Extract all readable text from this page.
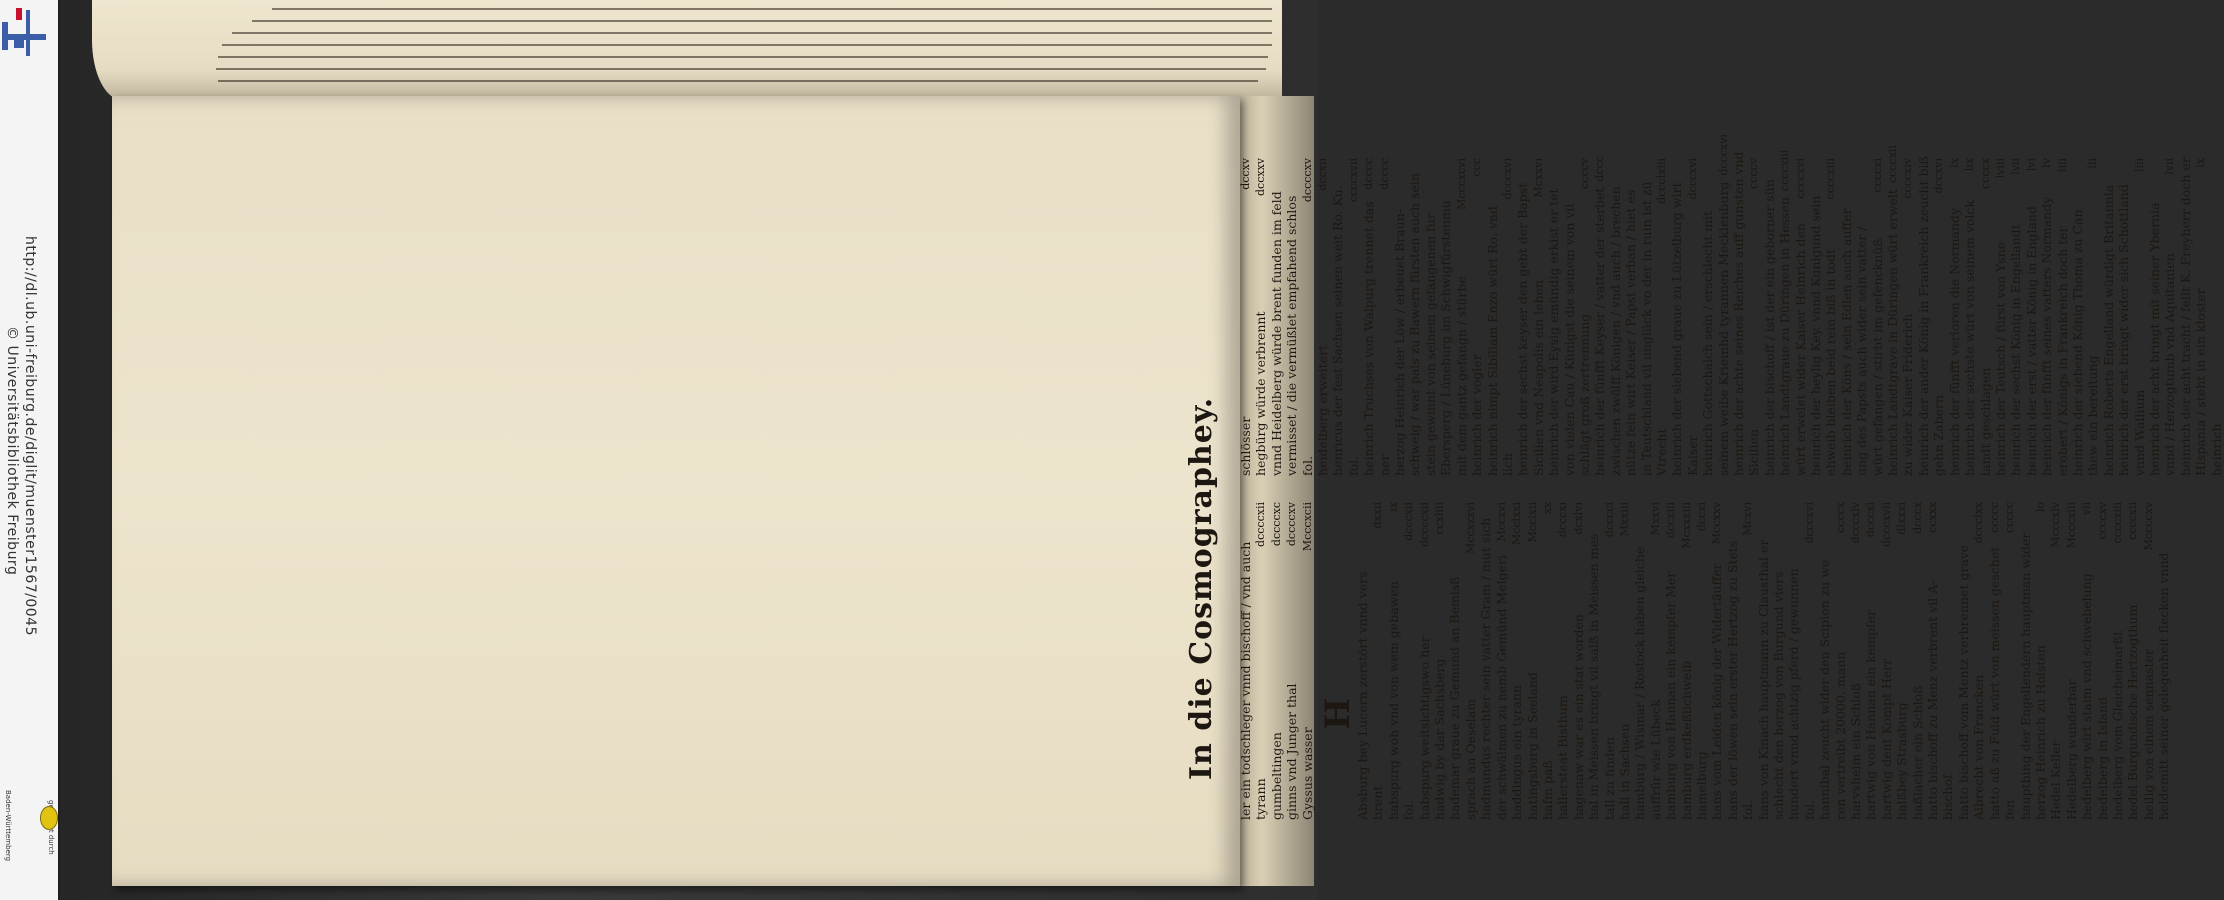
http://dl.ub.uni-freiburg.de/diglit/muenster1567/0045
© Universitätsbibliothek Freiburg
Baden-Württemberg
In die Cosmographey.	ler ein todschleger vnnd bischoff / vnd auch tyrann
dccccxii
gumbeltingen
dccccxc
ginns vnd Junger thal
dccccxv
Gyssus wasser
Mcccxcii
H
Absburg bey Lucern zerstört vnnd vers brent
dxxii
habspurg woh vnd von wem gebawen
ix
fol.
dcccxii
habspurg weitsichtigswo her
dccccxii
hadwig by dar Sachsberg
ccxliii
hademar graue zu Gemund an Bemisß sprach an Oeselam
Mccxxxvi hadmundus rechter sein vatter Gram / mut sich der schwälmen zu nemb Gemünd Melgeri
Mccxvi
haddingus ein tyrann
Mcclxxi
hatingsburg in Seeland
Mcclxii
hafm paß
xx
hallersteat Bisthum
dcccxi
hagenaw war es ein stat worden
dcxlvi
hal in Meissen bringt vil salß in Meissen mes tall zu finden
dcccci
hall in Sachsen
Mxxiii
hamburg / Wismar / Rostock haben gleiche auffrür wie Lübeck
Mxxvi
hamburg von Hannan ein kempfer Mer
dccxiii
hamburg erdkeßlichweib
Mcxxxiii
hamelburg
dccxi
hans vom Leiden könig der Widertäuffer
Mccxxv
hans der löwen sein erster Hertzog zu Stets fol.
Mcxvi
hans von Kinach hauptmann zu Clausthal er schlecht den herzog von Burgund viers hundert vnnd achtzig pferd / gewunnen fol.
dcccxvi
hannibal zeucht wider den Scipion zu we ren vertreibt 20000. mann
ccccx
harvsheim ein Schloß
dcccxlv
hartwig von Hannan ein kempfer
dcccxl
hartwig dent Kompt Herr
dcccxvii
halßbey Strasburg
dlxxxi
haßlacher ein Schloß
dcccx
hatto bischoff zu Menz verbrent vil A-
ccxxx
bischof hatto bischoff vom Mentz verbrennet grave Albrecht von Francken
dccclxx
hatto aß zu Fuld würt von meissen geschet
ccccc
fen
ccccc
hauptbing der Engellendern hauptman wider herzog Heinrich zu Holsten
lo
Hedel Keller
Mcccxlv
Hedelberg wunderbar
Mcccxlii
hedelberg wirt staim vnd schwebelung
vii
hedelberg in Island
ccccxv
hedelberg vom Gleicheimarßt
ccccxiii
hedel Burgundische Hertzogthum
ccccxii
heilig von einem sennaster
Mccccxv
heldemitt seiner gelegenheit flecken vnnd
schlösser
dccxv
hegbürg würde verbrennt
dccxxv
vnnd Heidelberg würde brent funden im feld vermisset / die vermüßlet empfahend schlos fol.
dccccxv
heidelberg erweitert
dccxii
henricus der fest Sachsen seinen weit Ro. Ku. fol.
ccccxvii
heinrich Truchses von Walpurg trennet das
dcccc
ner
dcccc
herzog Heinrich der Löw / erbeuet Braun- schweig / war pals zu Bawern fürsten auch sein stein gewinnt von seinem gefangenen fur Ebersperg / Lüneburg im Schwigfürstenmu mit dem gantz gefangn / stürbe
Mcccxcvi
heinrich der vogler
ccc
heinrich nimpt Sibiliam Enzo würt Ro. vnd lich
dcccxvi
heinrich der sechst keyser den gebt der Bapst Sicilien vnd Neapolis ein lehen
Mcxxvi
heinrich der wird Eysig emündig erkist er tet von vielen Cau / Künigst die seinem von vil schlägt groß zertrennung
ccccv
heinrich der fünfft Keyser / vatter der sterbet
dccc
zwischen zwölff Königen / vnd auch / brechen nütze fein wirt Keiser / Papst verban / hiet es in Teutschland vil unglück vo der in ruin ist zü Vtrecht
dccclxiii
heinrich der siebend graue zu Lützelburg wirt Kaiser
dcccxvi
heinrich Gottschalch sein / erschlecht mit seinem weibe Kriemhd tyrannen Mecklenburg
dcccxvi heinrich der achte seines Reiches auff gunsten vnd Sicilien
ccccv
heinrich der bischoff / ist der ein geborner sün heinrich Landtgraue zu Düringen in Hessen
ccccxiii
würt erwelet wider Kaiser Heinrich den
ccccxvi
heinrich der heylig Key. vnnd Kunigund sein ehweib bleiben beid rein biß in todt
ccccxiii
heinrich der Köns / sein Edlen auch auffer ung des Papsts auch wider sein vatter / würt gefangen / stirbt im gefencknüß
ccccxi
heinrich Landtgrave in Düringen würt erwelt
ccccxii
zu wider Kaiser Friderich
ccccxiv heinrich der ander König in Frankreich zeucht biß gehn Zabern
dccxvi
heinrich der fünfft verloren die Normandy
lx
heinrich der sechste würt von seinem volck
lix
landt geschlagen
ccccx
heinrich der Teutsch / fürst von Ysne
lviii
heinrich der sechst König in Engellandt
lvii
heinrich der erst / vatter König in England
lvi
heinrich der fünfft seines vatters Normandy
lv
erobert / Königs in Frankreich doch ter
liii
heinrich der siebend König Thoma zu Can thew ein bereitung
lii
heinrich Roberts Engelland würdigt Britannia heinrich der erst bringt wider sich Schottland vnnd Wallium
liii
heinrich der acht bringt mit seiner Ybernia vnnd / Herzogtumb vnd Aquitanien
lvii heinrich der acht tracht / fellt K. Freyherr doch er Hispania / steht in ein kloster
lx
heinrich
